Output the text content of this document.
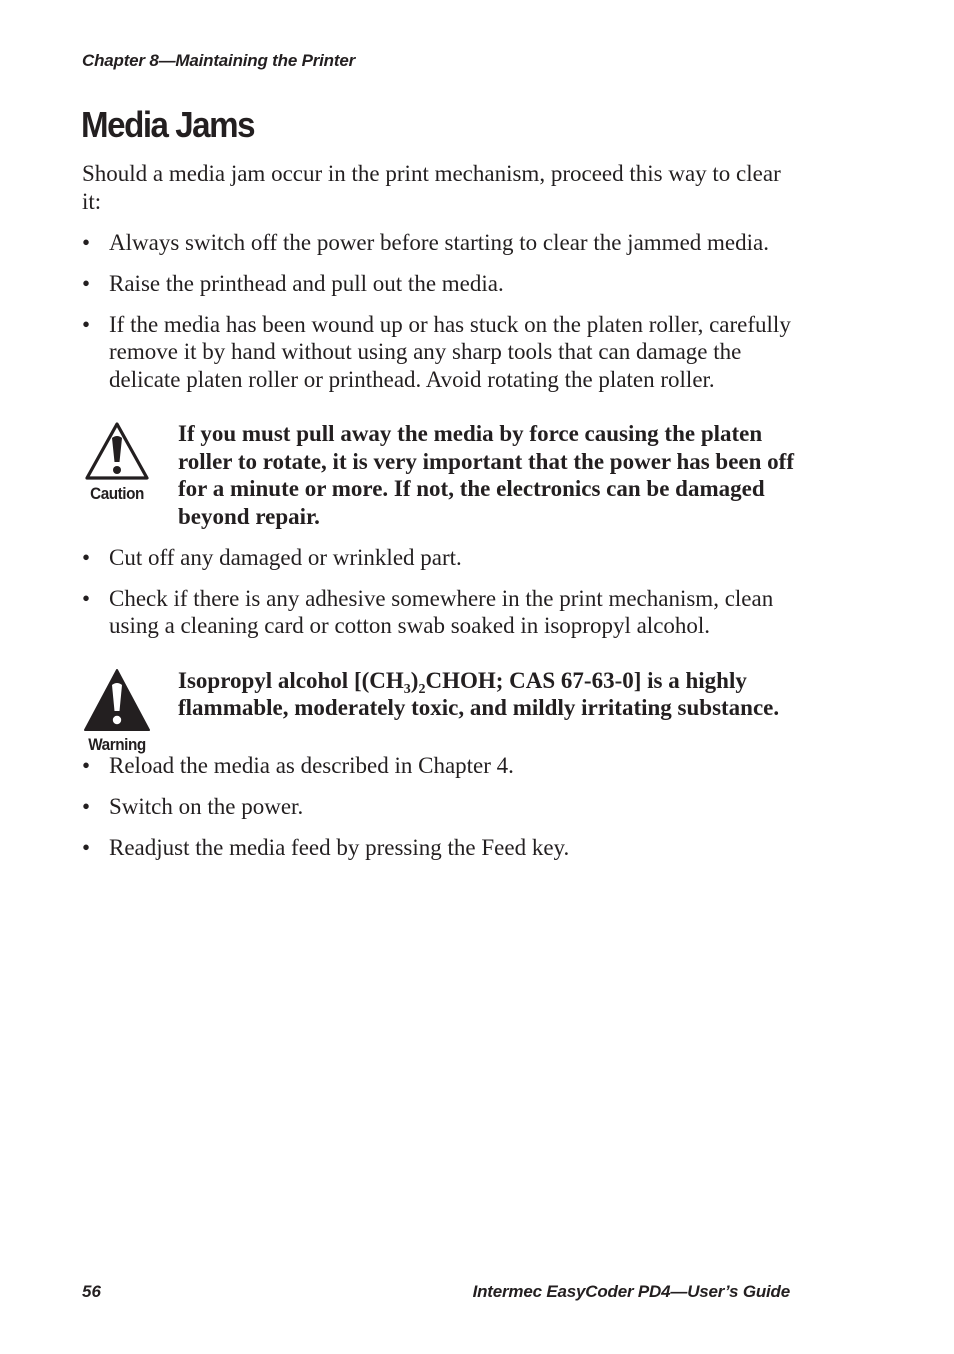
Chapter 8—Maintaining the Printer
Media Jams

Should a media jam occur in the print mechanism, proceed this way to clear it:

• Always switch off the power before starting to clear the jammed media.
• Raise the printhead and pull out the media.
• If the media has been wound up or has stuck on the platen roller, carefully remove it by hand without using any sharp tools that can damage the delicate platen roller or printhead. Avoid rotating the platen roller.
Caution
If you must pull away the media by force causing the platen roller to rotate, it is very important that the power has been off for a minute or more. If not, the electronics can be damaged beyond repair.
• Cut off any damaged or wrinkled part.
• Check if there is any adhesive somewhere in the print mechanism, clean using a cleaning card or cotton swab soaked in isopropyl alcohol.
Warning
Isopropyl alcohol [$(CH_3)_2CHOH$; CAS 67-63-0] is a highly flammable, moderately toxic, and mildly irritating substance.
• Reload the media as described in Chapter 4.
• Switch on the power.
• Readjust the media feed by pressing the Feed key.
56	Intermec EasyCoder PD4—User’s Guide
